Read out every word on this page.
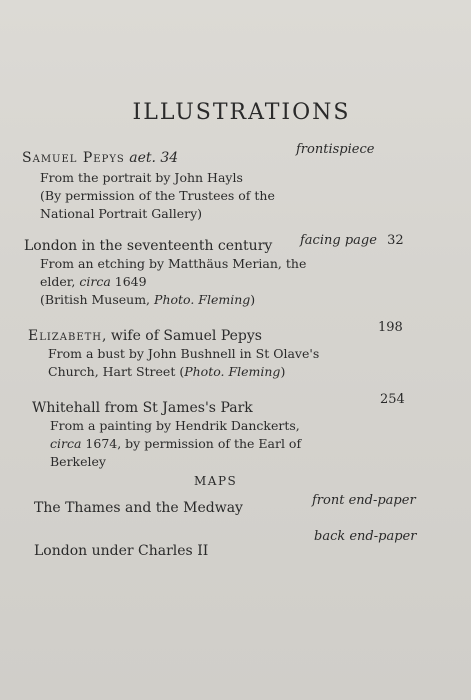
ILLUSTRATIONS
Samuel Pepys aet. 34
frontispiece
From the portrait by John Hayls
(By permission of the Trustees of the
National Portrait Gallery)
London in the seventeenth century facing page 32
From an etching by Matthäus Merian, the
elder, circa 1649
(British Museum, Photo. Fleming)
Elizabeth, wife of Samuel Pepys
198
From a bust by John Bushnell in St Olave's
Church, Hart Street (Photo. Fleming)
Whitehall from St James's Park
254
From a painting by Hendrik Danckerts,
circa 1674, by permission of the Earl of
Berkeley
MAPS
The Thames and the Medway	front end-paper
London under Charles II
back end-paper
